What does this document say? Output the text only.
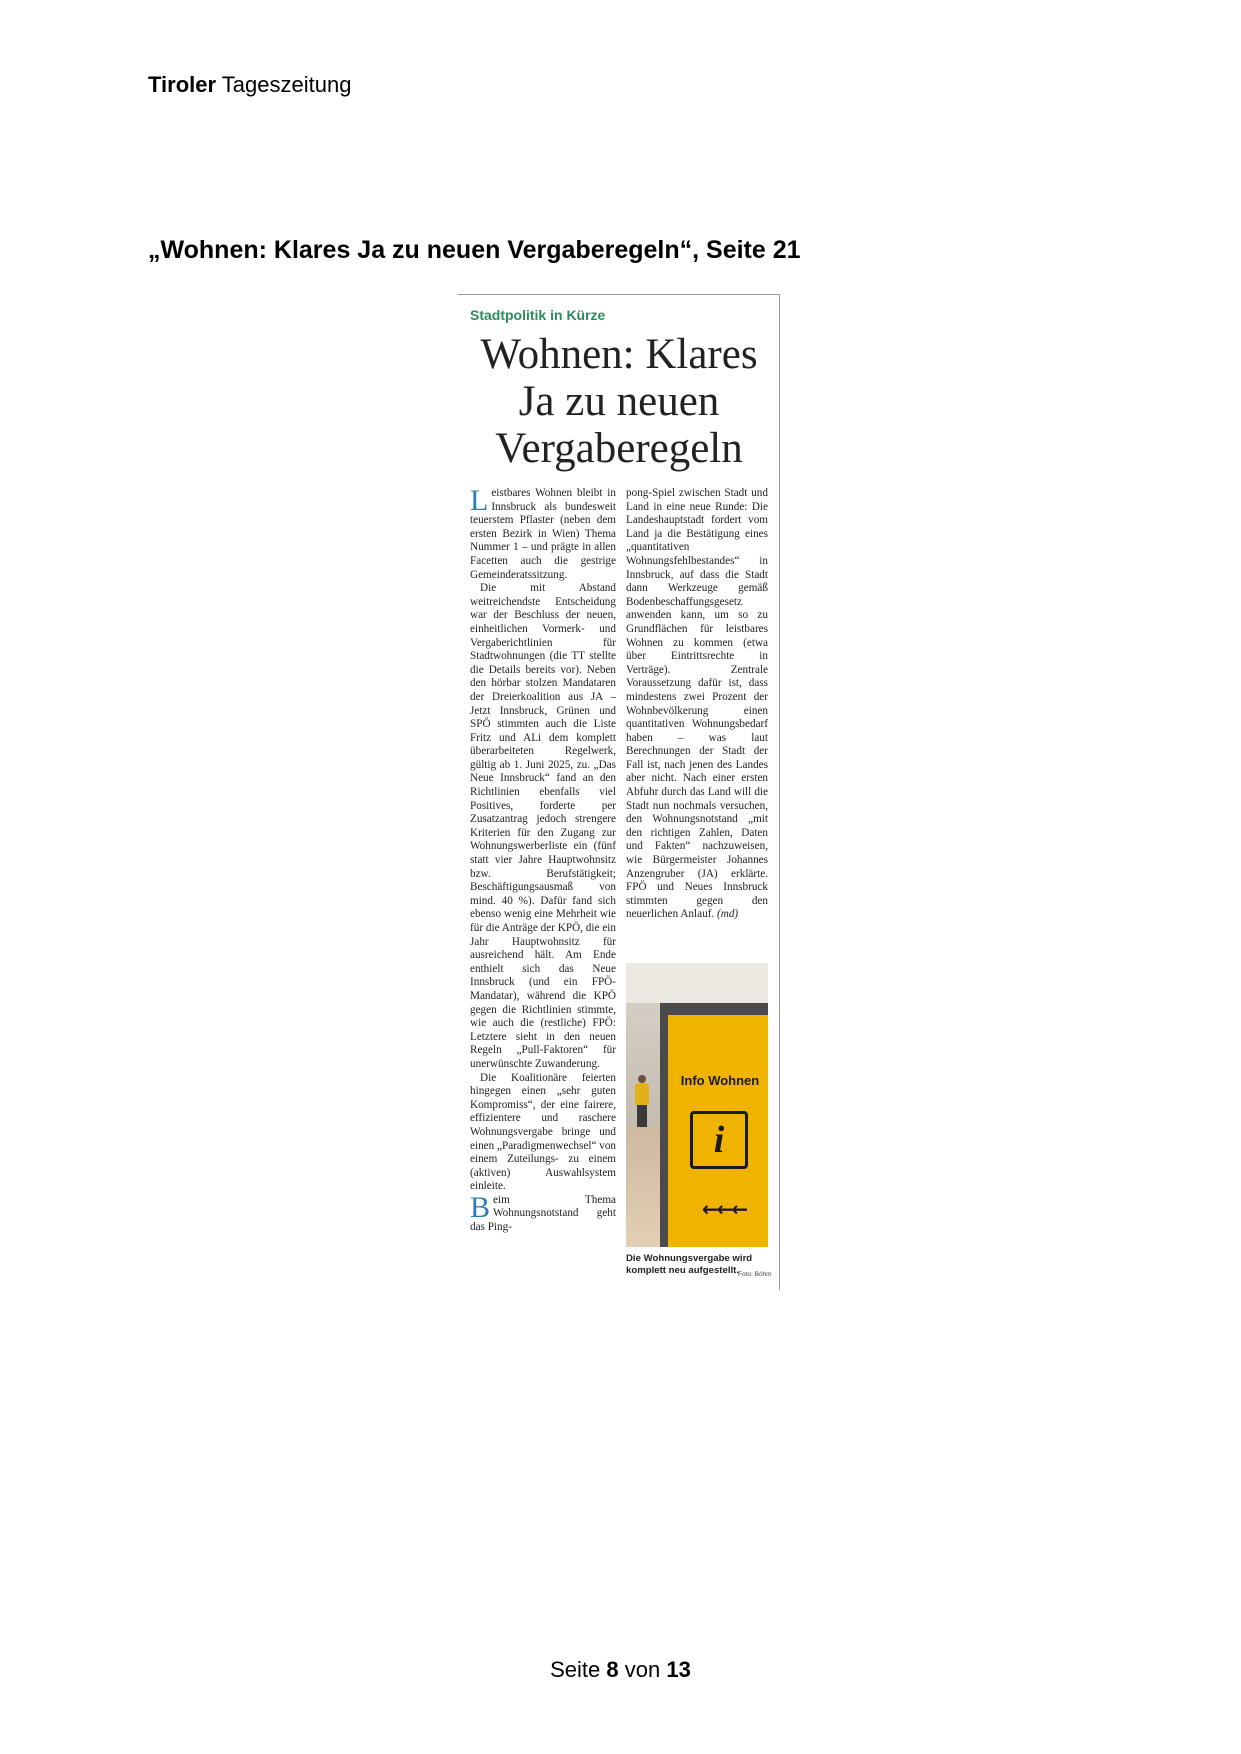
Tiroler Tageszeitung
„Wohnen: Klares Ja zu neuen Vergaberegeln“, Seite 21
Stadtpolitik in Kürze
Wohnen: Klares
Ja zu neuen
Vergaberegeln

Leistbares Wohnen bleibt in Innsbruck als bundesweit teuerstem Pflaster (neben dem ersten Bezirk in Wien) Thema Nummer 1 – und prägte in allen Facetten auch die gestrige Gemeinderatssitzung.

Die mit Abstand weitreichendste Entscheidung war der Beschluss der neuen, einheitlichen Vormerk- und Vergaberichtlinien für Stadtwohnungen (die TT stellte die Details bereits vor). Neben den hörbar stolzen Mandataren der Dreierkoalition aus JA – Jetzt Innsbruck, Grünen und SPÖ stimmten auch die Liste Fritz und ALi dem komplett überarbeiteten Regelwerk, gültig ab 1. Juni 2025, zu. „Das Neue Innsbruck“ fand an den Richtlinien ebenfalls viel Positives, forderte per Zusatzantrag jedoch strengere Kriterien für den Zugang zur Wohnungswerberliste ein (fünf statt vier Jahre Hauptwohnsitz bzw. Berufstätigkeit; Beschäftigungsausmaß von mind. 40 %). Dafür fand sich ebenso wenig eine Mehrheit wie für die Anträge der KPÖ, die ein Jahr Hauptwohnsitz für ausreichend hält. Am Ende enthielt sich das Neue Innsbruck (und ein FPÖ-Mandatar), während die KPÖ gegen die Richtlinien stimmte, wie auch die (restliche) FPÖ: Letztere sieht in den neuen Regeln „Pull-Faktoren“ für unerwünschte Zuwanderung.

Die Koalitionäre feierten hingegen einen „sehr guten Kompromiss“, der eine fairere, effizientere und raschere Wohnungsvergabe bringe und einen „Paradigmenwechsel“ von einem Zuteilungs- zu einem (aktiven) Auswahlsystem einleite.

Beim Thema Wohnungsnotstand geht das Ping-

pong-Spiel zwischen Stadt und Land in eine neue Runde: Die Landeshauptstadt fordert vom Land ja die Bestätigung eines „quantitativen Wohnungsfehlbestandes“ in Innsbruck, auf dass die Stadt dann Werkzeuge gemäß Bodenbeschaffungsgesetz anwenden kann, um so zu Grundflächen für leistbares Wohnen zu kommen (etwa über Eintrittsrechte in Verträge). Zentrale Voraussetzung dafür ist, dass mindestens zwei Prozent der Wohnbevölkerung einen quantitativen Wohnungsbedarf haben – was laut Berechnungen der Stadt der Fall ist, nach jenen des Landes aber nicht. Nach einer ersten Abfuhr durch das Land will die Stadt nun nochmals versuchen, den Wohnungsnotstand „mit den richtigen Zahlen, Daten und Fakten“ nachzuweisen, wie Bürgermeister Johannes Anzengruber (JA) erklärte. FPÖ und Neues Innsbruck stimmten gegen den neuerlichen Anlauf. (md)

Info Wohnen
i
←←←
Die Wohnungsvergabe wird komplett neu aufgestellt.
Foto: Böhm
Seite 8 von 13
